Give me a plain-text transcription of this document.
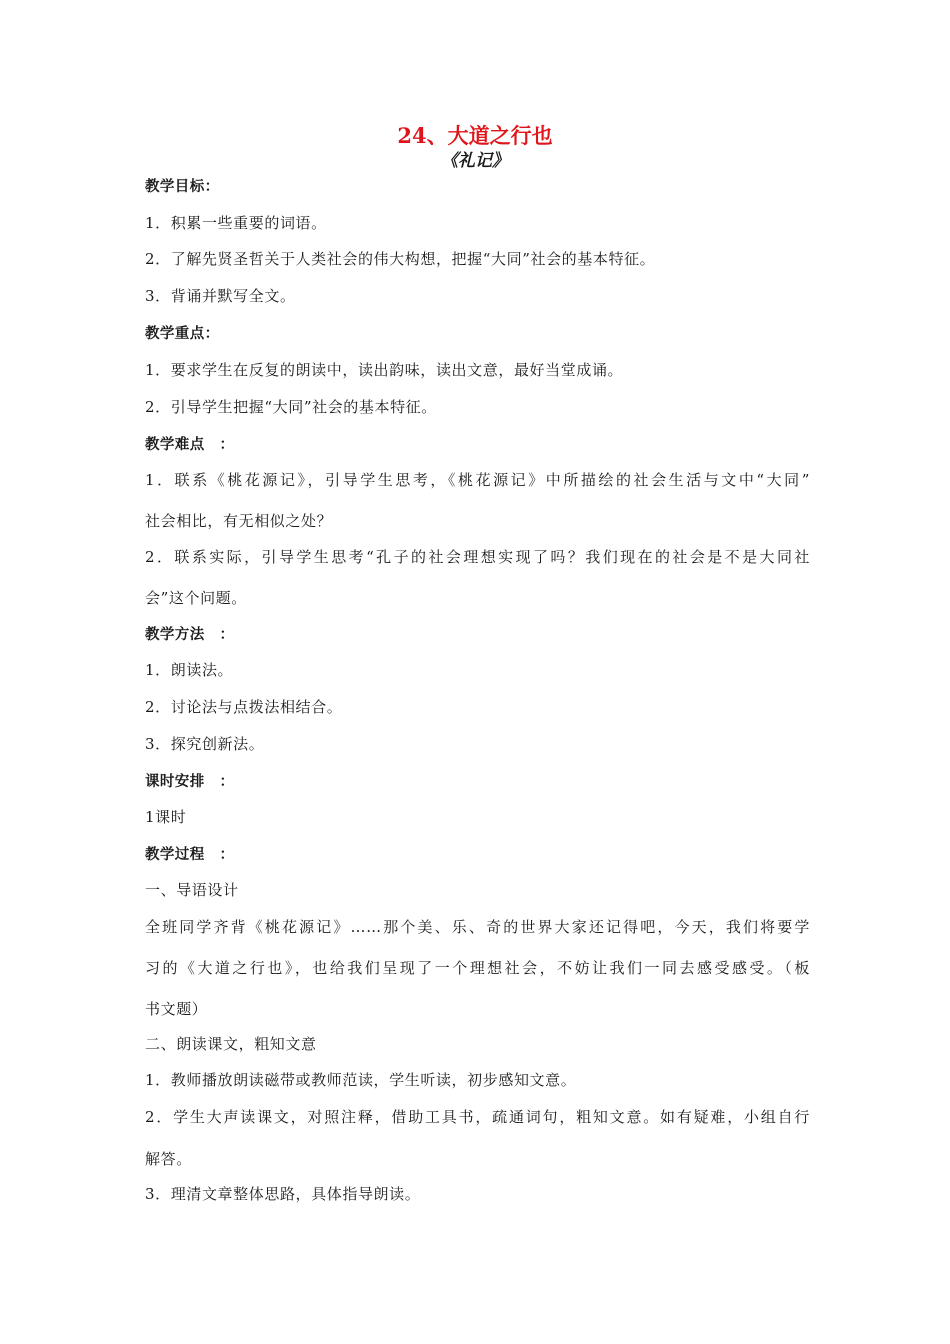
24、大道之行也
《礼记》
教学目标：
1．积累一些重要的词语。
2．了解先贤圣哲关于人类社会的伟大构想，把握“大同”社会的基本特征。
3．背诵并默写全文。
教学重点：
1．要求学生在反复的朗读中，读出韵味，读出文意，最好当堂成诵。
2．引导学生把握“大同”社会的基本特征。
教学难点　：
1．联系《桃花源记》，引导学生思考，《桃花源记》中所描绘的社会生活与文中“大同”
社会相比，有无相似之处？
2．联系实际，引导学生思考“孔子的社会理想实现了吗？我们现在的社会是不是大同社
会”这个问题。
教学方法　：
1．朗读法。
2．讨论法与点拨法相结合。
3．探究创新法。
课时安排　：
1课时
教学过程　：
一、导语设计
全班同学齐背《桃花源记》……那个美、乐、奇的世界大家还记得吧，今天，我们将要学
习的《大道之行也》，也给我们呈现了一个理想社会，不妨让我们一同去感受感受。（板
书文题）
二、朗读课文，粗知文意
1．教师播放朗读磁带或教师范读，学生听读，初步感知文意。
2．学生大声读课文，对照注释，借助工具书，疏通词句，粗知文意。如有疑难，小组自行
解答。
3．理清文章整体思路，具体指导朗读。
